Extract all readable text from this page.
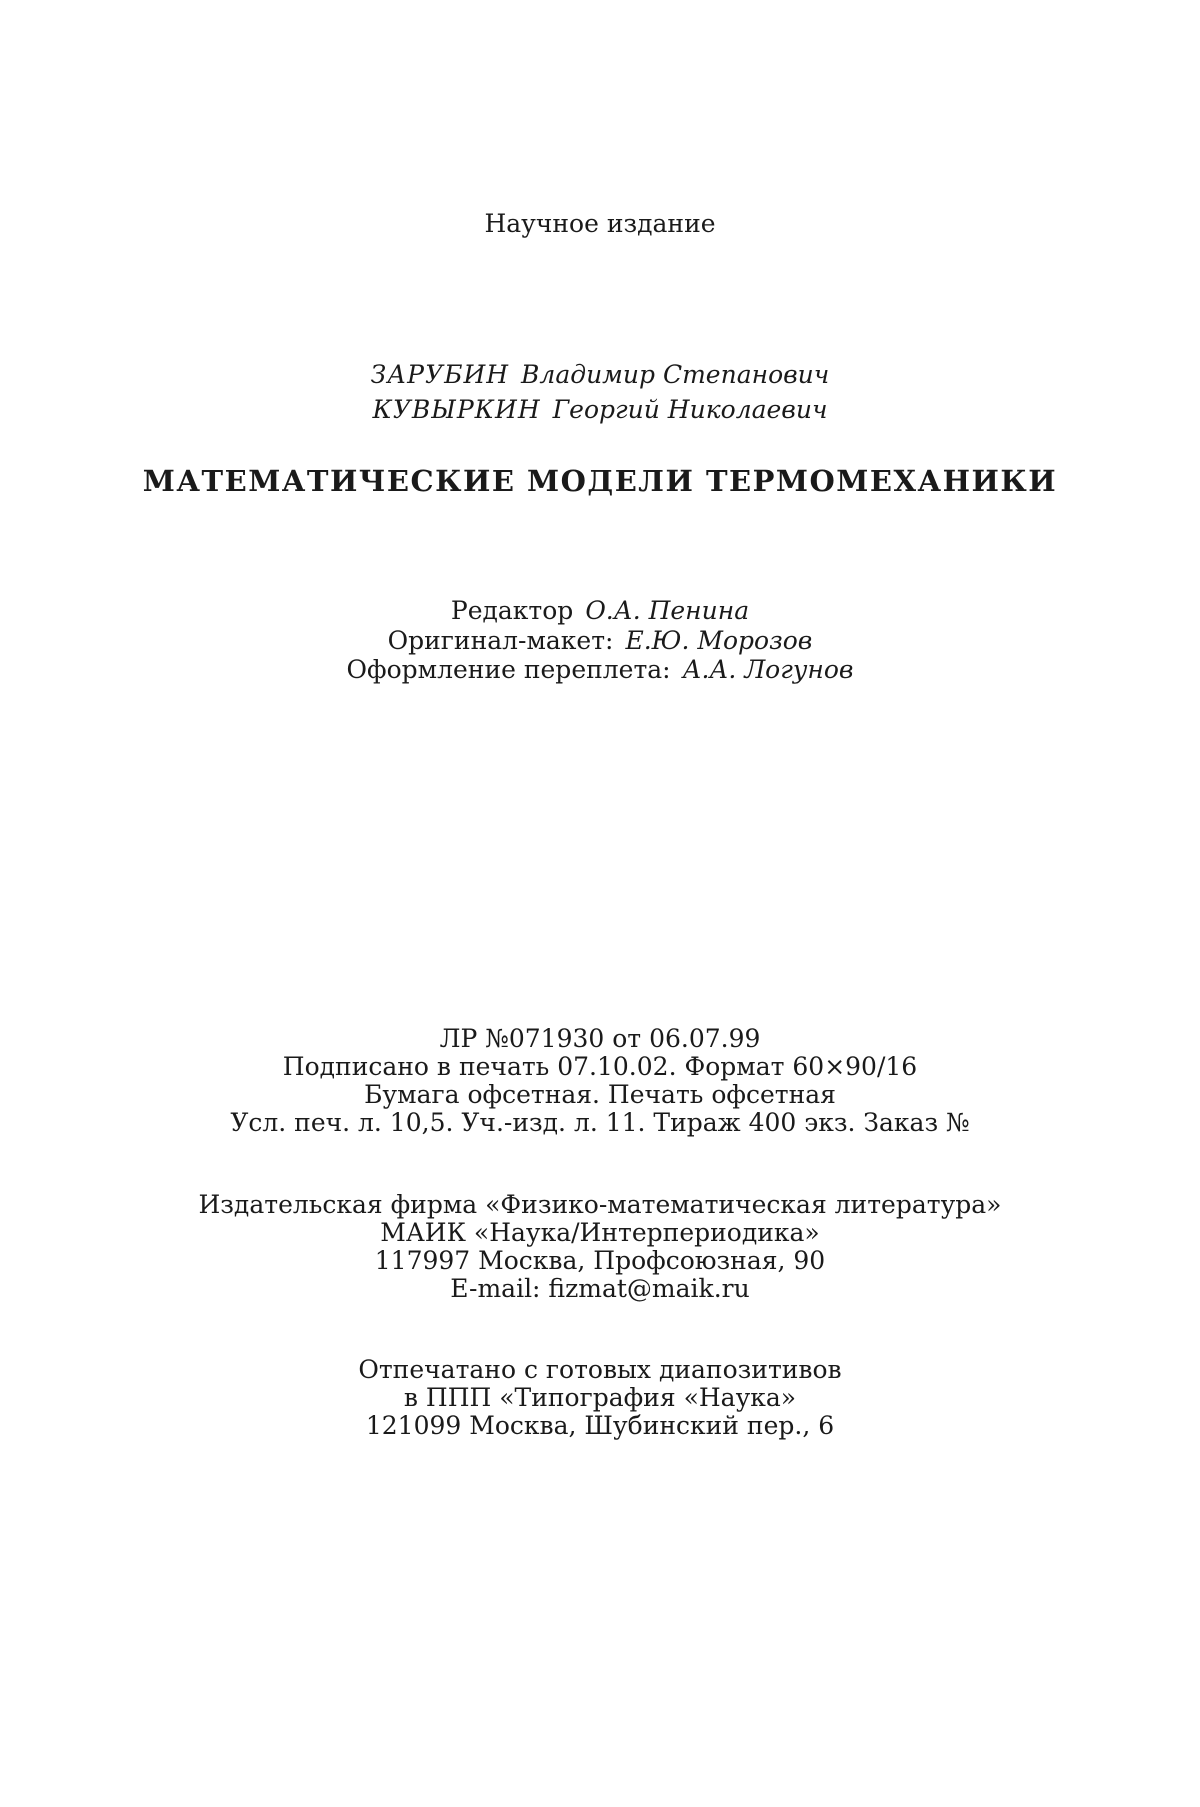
Научное издание
ЗАРУБИН Владимир Степанович
КУВЫРКИН Георгий Николаевич
МАТЕМАТИЧЕСКИЕ МОДЕЛИ ТЕРМОМЕХАНИКИ
Редактор О.А. Пенина
Оригинал-макет: Е.Ю. Морозов
Оформление переплета: А.А. Логунов
ЛР №071930 от 06.07.99
Подписано в печать 07.10.02. Формат 60×90/16
Бумага офсетная. Печать офсетная
Усл. печ. л. 10,5. Уч.-изд. л. 11. Тираж 400 экз. Заказ №
Издательская фирма «Физико-математическая литература»
МАИК «Наука/Интерпериодика»
117997 Москва, Профсоюзная, 90
E-mail: fizmat@maik.ru
Отпечатано с готовых диапозитивов
в ППП «Типография «Наука»
121099 Москва, Шубинский пер., 6
